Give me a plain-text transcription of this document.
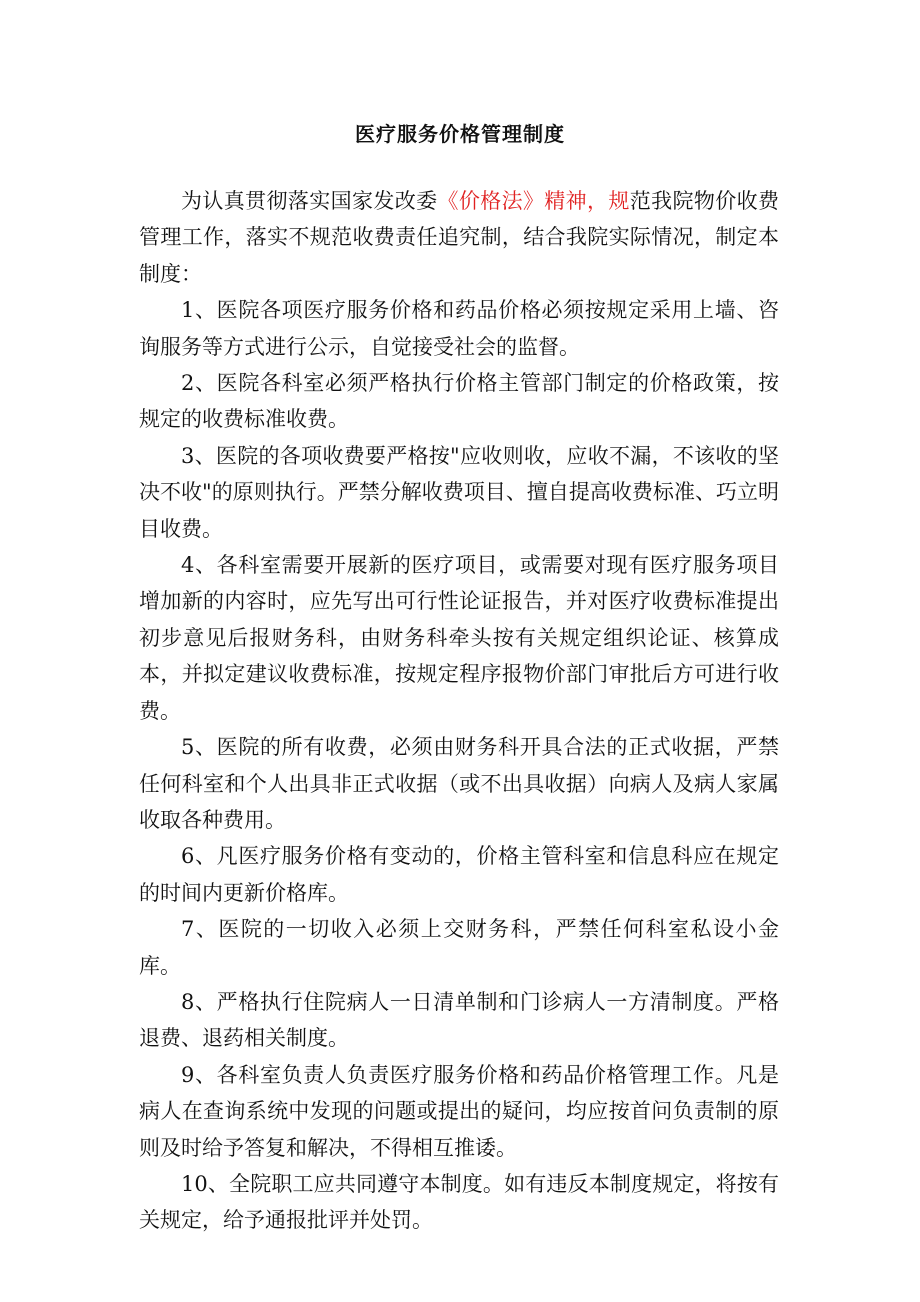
医疗服务价格管理制度

为认真贯彻落实国家发改委《价格法》精神，规范我院物价收费管理工作，落实不规范收费责任追究制，结合我院实际情况，制定本制度：

1、医院各项医疗服务价格和药品价格必须按规定采用上墙、咨询服务等方式进行公示，自觉接受社会的监督。

2、医院各科室必须严格执行价格主管部门制定的价格政策，按规定的收费标准收费。

3、医院的各项收费要严格按"应收则收，应收不漏，不该收的坚决不收"的原则执行。严禁分解收费项目、擅自提高收费标准、巧立明目收费。

4、各科室需要开展新的医疗项目，或需要对现有医疗服务项目增加新的内容时，应先写出可行性论证报告，并对医疗收费标准提出初步意见后报财务科，由财务科牵头按有关规定组织论证、核算成本，并拟定建议收费标准，按规定程序报物价部门审批后方可进行收费。

5、医院的所有收费，必须由财务科开具合法的正式收据，严禁任何科室和个人出具非正式收据（或不出具收据）向病人及病人家属收取各种费用。

6、凡医疗服务价格有变动的，价格主管科室和信息科应在规定的时间内更新价格库。

7、医院的一切收入必须上交财务科，严禁任何科室私设小金库。

8、严格执行住院病人一日清单制和门诊病人一方清制度。严格退费、退药相关制度。

9、各科室负责人负责医疗服务价格和药品价格管理工作。凡是病人在查询系统中发现的问题或提出的疑问，均应按首问负责制的原则及时给予答复和解决，不得相互推诿。

10、全院职工应共同遵守本制度。如有违反本制度规定，将按有关规定，给予通报批评并处罚。
